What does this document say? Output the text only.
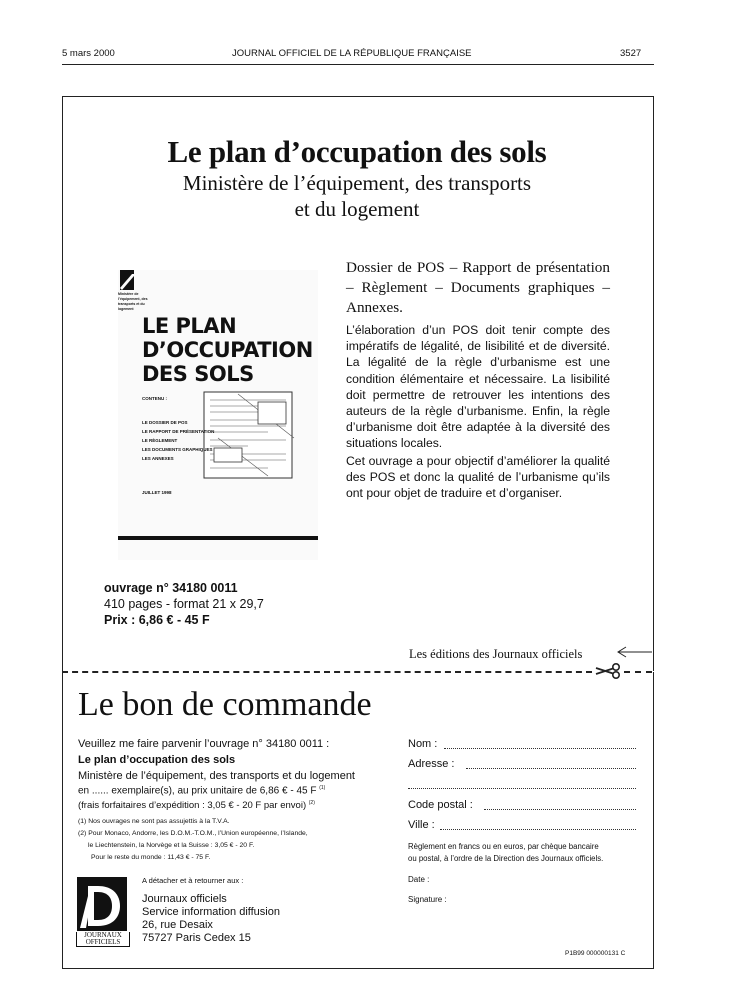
5 mars 2000	JOURNAL OFFICIEL DE LA RÉPUBLIQUE FRANÇAISE	3527
Le plan d’occupation des sols
Ministère de l’équipement, des transports
et du logement
Ministère de l’équipement, des transports et du logement
LE PLAN
D’OCCUPATION
DES SOLS
CONTENU :
LE DOSSIER DE POS
LE RAPPORT DE PRÉSENTATION
LE RÈGLEMENT
LES DOCUMENTS GRAPHIQUES
LES ANNEXES
JUILLET 1998
Dossier de POS – Rapport de présentation – Règlement – Documents graphiques – Annexes.

L’élaboration d’un POS doit tenir compte des impératifs de légalité, de lisibilité et de diversité. La légalité de la règle d’urbanisme est une condition élémentaire et nécessaire. La lisibilité doit permettre de retrouver les intentions des auteurs de la règle d’urbanisme. Enfin, la règle d’urbanisme doit être adaptée à la diversité des situations locales.

Cet ouvrage a pour objectif d’améliorer la qualité des POS et donc la qualité de l’urbanisme qu’ils ont pour objet de traduire et d’organiser.

ouvrage n° 34180 0011
410 pages - format 21 x 29,7
Prix : 6,86 € - 45 F
Les éditions des Journaux officiels
Le bon de commande
Veuillez me faire parvenir l’ouvrage n° 34180 0011 :
Le plan d’occupation des sols
Ministère de l’équipement, des transports et du logement
en ...... exemplaire(s), au prix unitaire de 6,86 € - 45 F $^{(1)}$
(frais forfaitaires d’expédition : 3,05 € - 20 F par envoi) $^{(2)}$
(1) Nos ouvrages ne sont pas assujettis à la T.V.A.
(2) Pour Monaco, Andorre, les D.O.M.-T.O.M., l’Union européenne, l’Islande,
le Liechtenstein, la Norvège et la Suisse : 3,05 € - 20 F.
Pour le reste du monde : 11,43 € - 75 F.
JOURNAUX
OFFICIELS
A détacher et à retourner aux :
Journaux officiels
Service information diffusion
26, rue Desaix
75727 Paris Cedex 15
Nom :
Adresse :
Code postal :
Ville :
Règlement en francs ou en euros, par chèque bancaire
ou postal, à l’ordre de la Direction des Journaux officiels.
Date :
Signature :
P1B99 000000131 C
